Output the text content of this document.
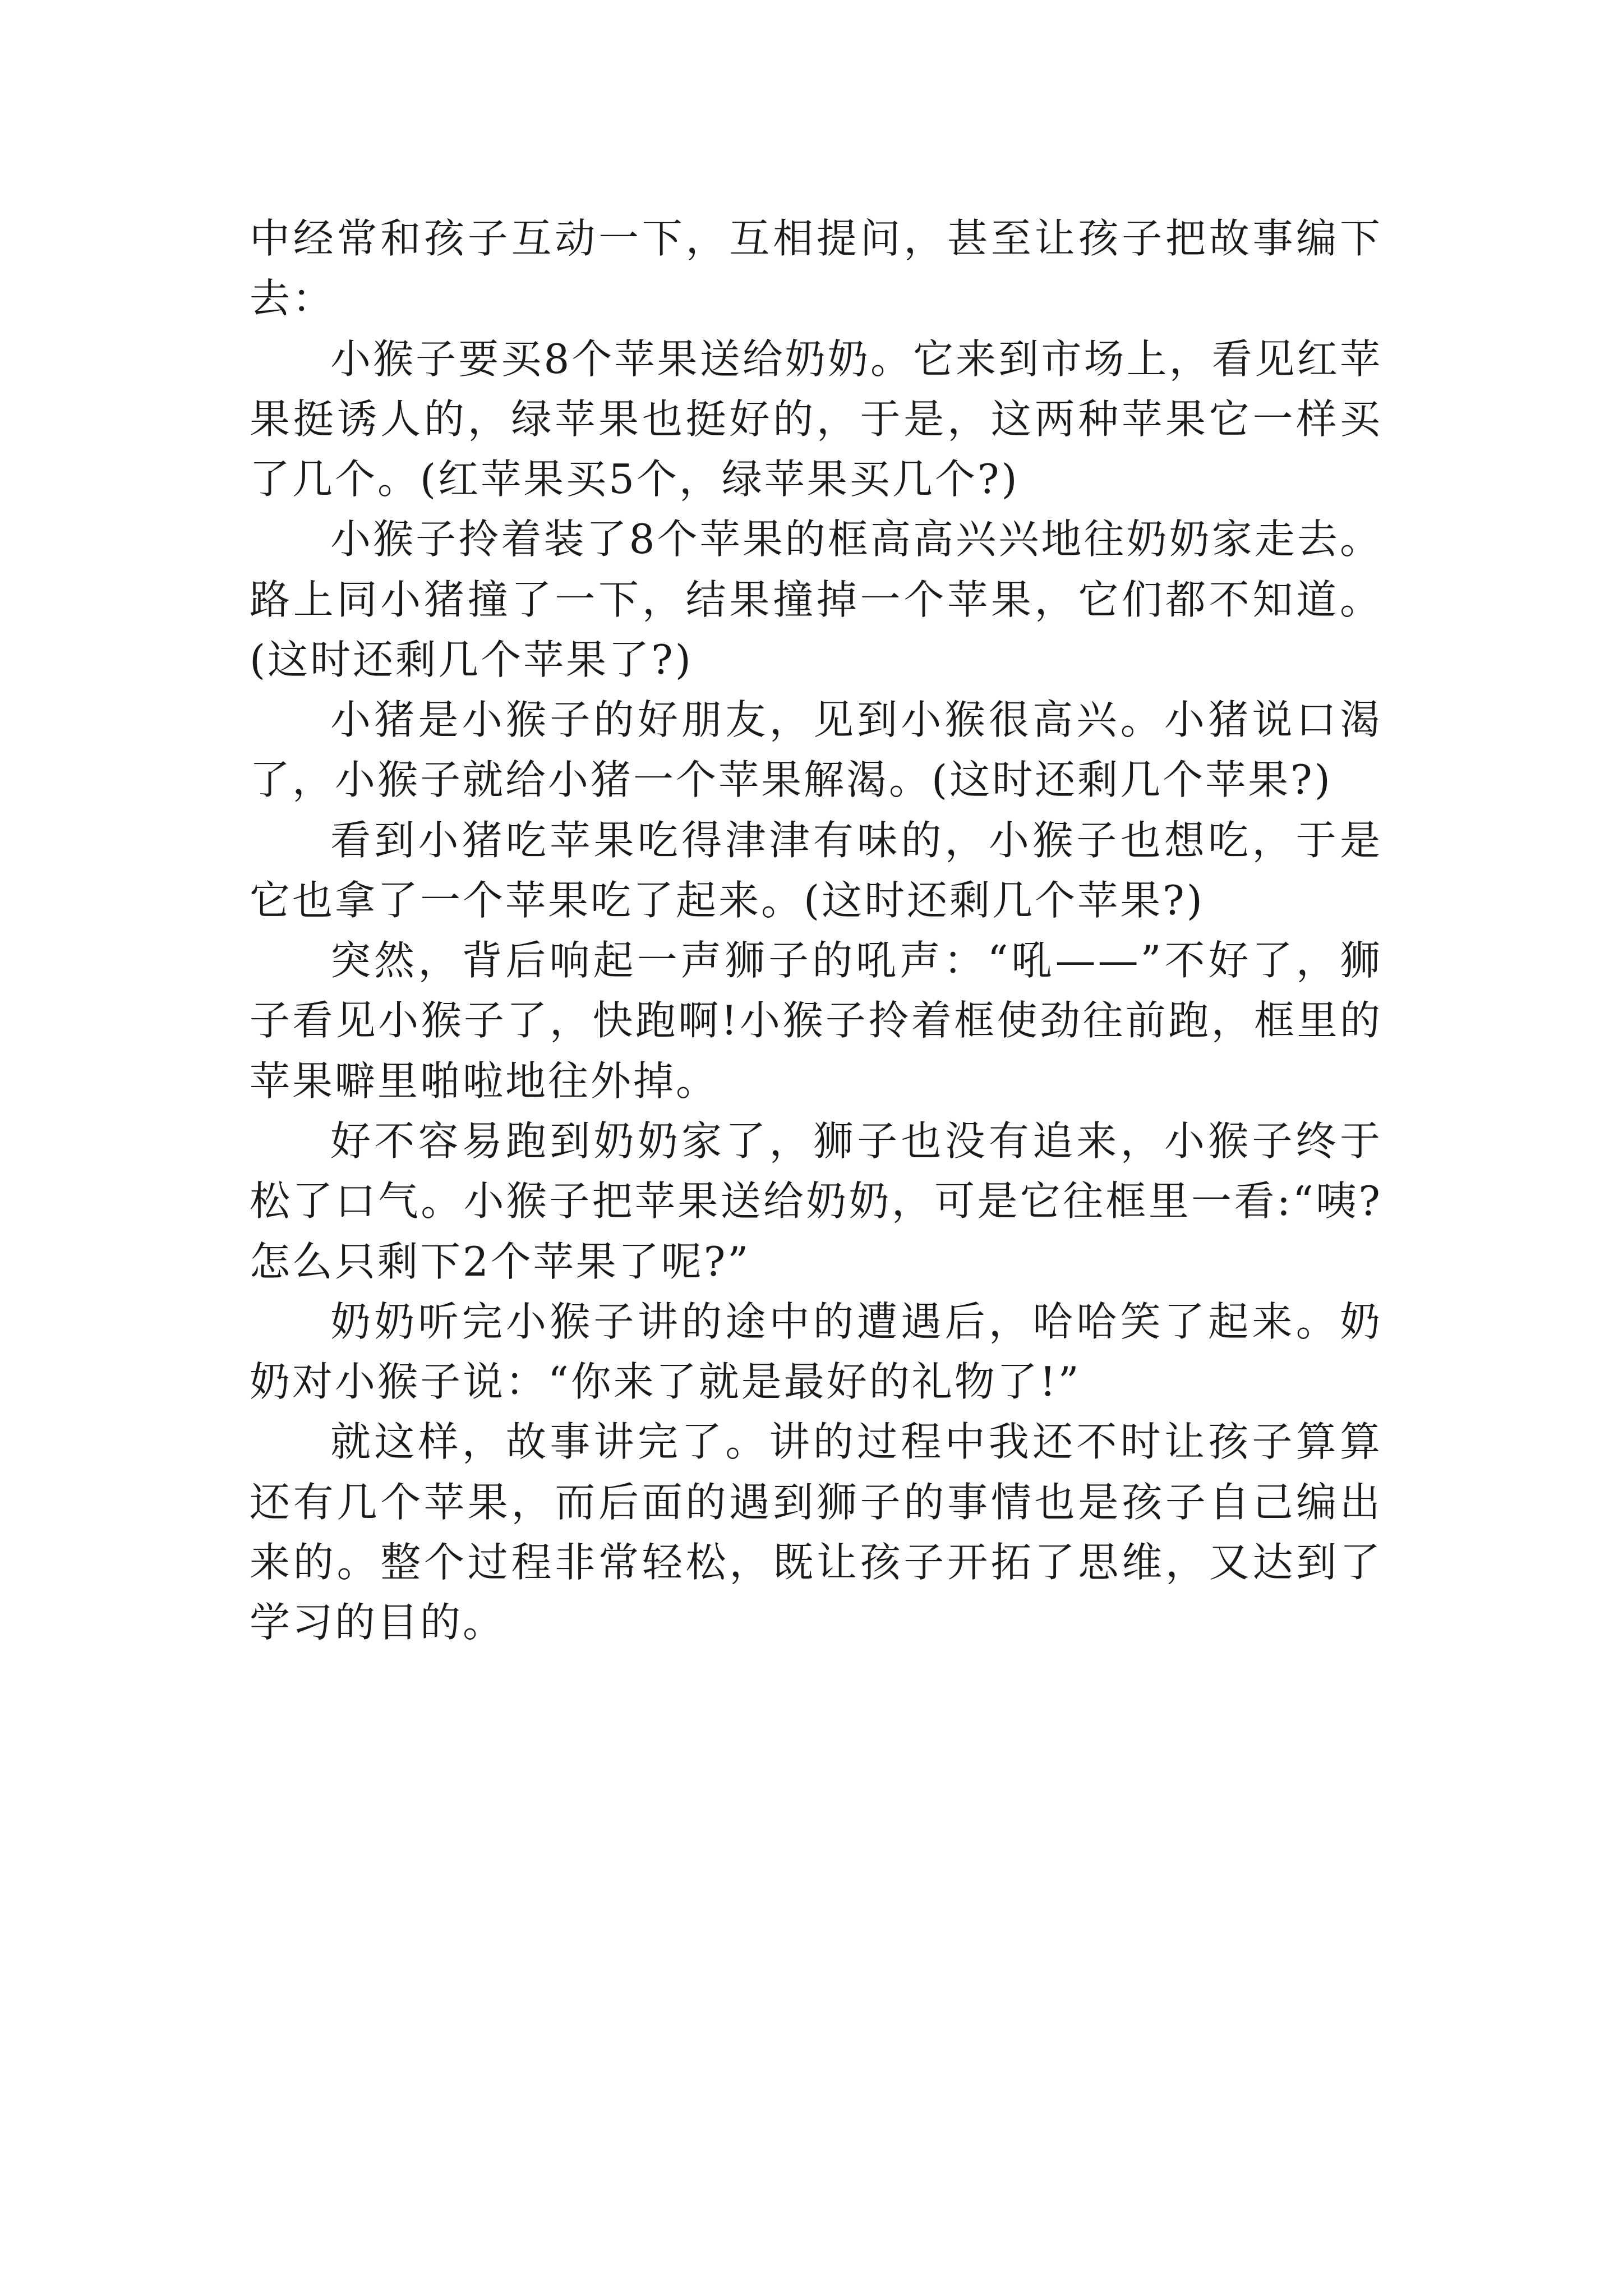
中经常和孩子互动一下，互相提问，甚至让孩子把故事编下去：

小猴子要买8个苹果送给奶奶。它来到市场上，看见红苹果挺诱人的，绿苹果也挺好的，于是，这两种苹果它一样买了几个。(红苹果买5个，绿苹果买几个?)

小猴子拎着装了8个苹果的框高高兴兴地往奶奶家走去。路上同小猪撞了一下，结果撞掉一个苹果，它们都不知道。(这时还剩几个苹果了?)

小猪是小猴子的好朋友，见到小猴很高兴。小猪说口渴了，小猴子就给小猪一个苹果解渴。(这时还剩几个苹果?)

看到小猪吃苹果吃得津津有味的，小猴子也想吃，于是它也拿了一个苹果吃了起来。(这时还剩几个苹果?)

突然，背后响起一声狮子的吼声：“吼——”不好了，狮子看见小猴子了，快跑啊!小猴子拎着框使劲往前跑，框里的苹果噼里啪啦地往外掉。

好不容易跑到奶奶家了，狮子也没有追来，小猴子终于松了口气。小猴子把苹果送给奶奶，可是它往框里一看:“咦?怎么只剩下2个苹果了呢?”

奶奶听完小猴子讲的途中的遭遇后，哈哈笑了起来。奶奶对小猴子说：“你来了就是最好的礼物了!”

就这样，故事讲完了。讲的过程中我还不时让孩子算算还有几个苹果，而后面的遇到狮子的事情也是孩子自己编出来的。整个过程非常轻松，既让孩子开拓了思维，又达到了学习的目的。
